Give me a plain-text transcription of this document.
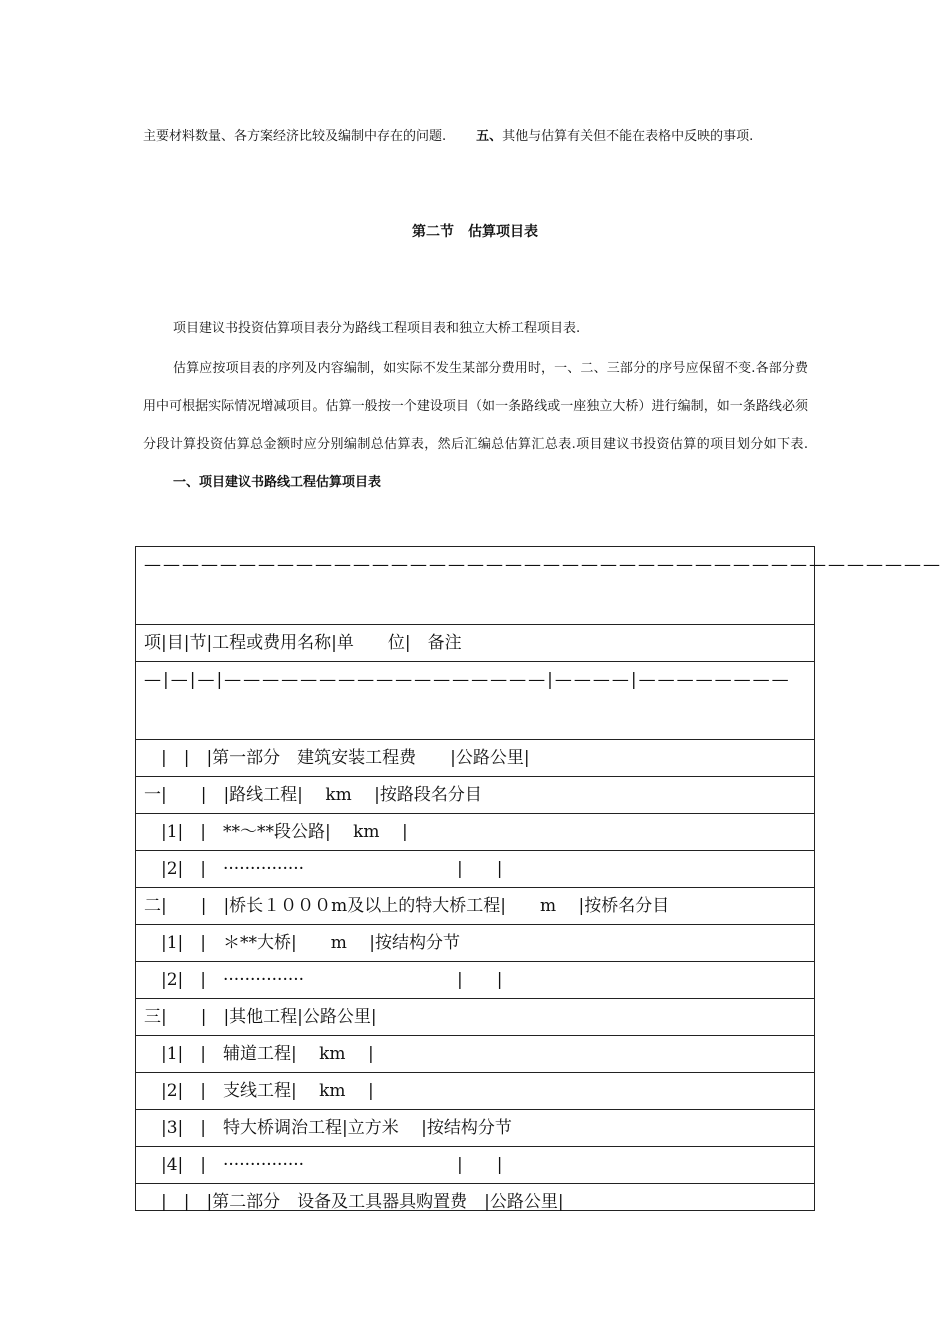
主要材料数量、各方案经济比较及编制中存在的问题. 五、其他与估算有关但不能在表格中反映的事项.

第二节　估算项目表

项目建议书投资估算项目表分为路线工程项目表和独立大桥工程项目表.

估算应按项目表的序列及内容编制，如实际不发生某部分费用时，一、二、三部分的序号应保留不变.各部分费用中可根据实际情况增减项目。估算一般按一个建设项目（如一条路线或一座独立大桥）进行编制，如一条路线必须分段计算投资估算总金额时应分别编制总估算表，然后汇编总估算汇总表.项目建议书投资估算的项目划分如下表.一、项目建议书路线工程估算项目表

——————————————————————————————————————————
项|目|节|工程或费用名称|单　　位|　备注
—|—|—|—————————————————|————|————————
　|　|　|第一部分　建筑安装工程费　　|公路公里|
一|　　|　|路线工程|　 km　 |按路段名分目
　|1|　|　**～**段公路|　 km　 |
　|2|　|　···············　　　　　　　　　|　　|
二|　　|　|桥长１０００m及以上的特大桥工程|　　m　 |按桥名分目
　|1|　|　＊**大桥|　　m　 |按结构分节
　|2|　|　···············　　　　　　　　　|　　|
三|　　|　|其他工程|公路公里|
　|1|　|　辅道工程|　 km　 |
　|2|　|　支线工程|　 km　 |
　|3|　|　特大桥调治工程|立方米　 |按结构分节
　|4|　|　···············　　　　　　　　　|　　|
　|　|　|第二部分　设备及工具器具购置费　|公路公里|
